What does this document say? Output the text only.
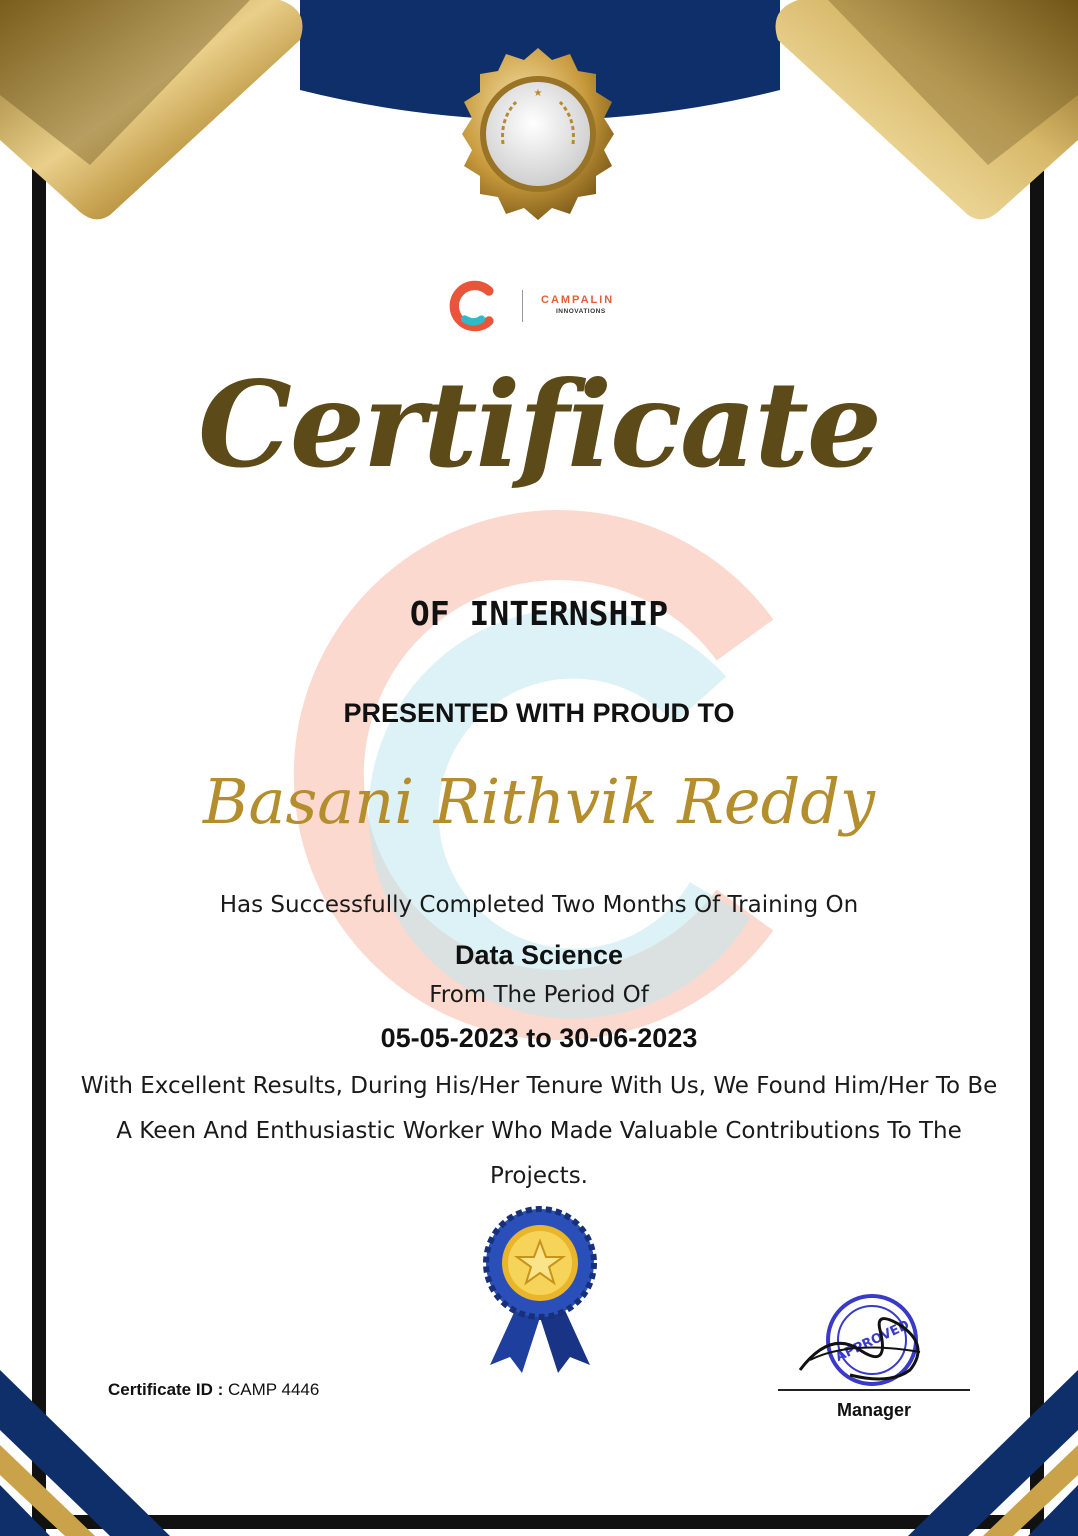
★
CAMPALIN
INNOVATIONS
Certificate
OF INTERNSHIP
PRESENTED WITH PROUD TO
Basani Rithvik Reddy
Has Successfully Completed Two Months Of Training On
Data Science
From The Period Of
05-05-2023 to 30-06-2023
With Excellent Results, During His/Her Tenure With Us, We Found Him/Her To Be A Keen And Enthusiastic Worker Who Made Valuable Contributions To The Projects.
Certificate ID : CAMP 4446
APPROVED
Manager
